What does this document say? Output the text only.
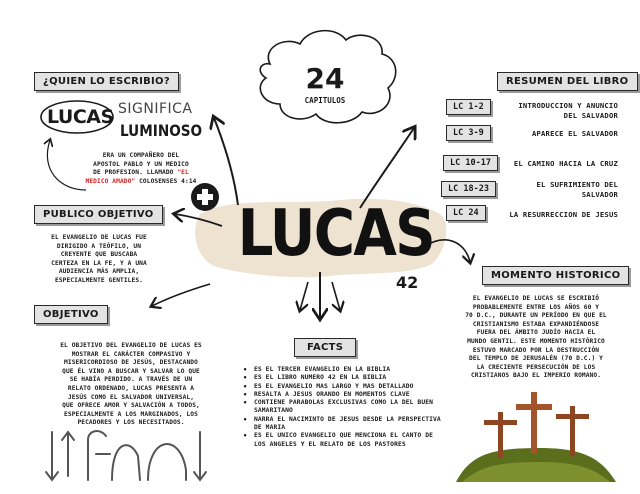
LUCAS
42
24
CAPITULOS
¿QUIEN LO ESCRIBIO?
LUCAS SIGNIFICA
LUMINOSO
ERA UN COMPAÑERO DEL
APOSTOL PABLO Y UN MEDICO
DE PROFESION. LLAMADO "EL
MEDICO AMADO" COLOSENSES 4:14
PUBLICO OBJETIVO
EL EVANGELIO DE LUCAS FUE
DIRIGIDO A TEÓFILO, UN
CREYENTE QUE BUSCABA
CERTEZA EN LA FE, Y A UNA
AUDIENCIA MÁS AMPLIA,
ESPECIALMENTE GENTILES.
OBJETIVO
EL OBJETIVO DEL EVANGELIO DE LUCAS ES
MOSTRAR EL CARÁCTER COMPASIVO Y
MISERICORDIOSO DE JESÚS, DESTACANDO
QUE ÉL VINO A BUSCAR Y SALVAR LO QUE
SE HABÍA PERDIDO. A TRAVÉS DE UN
RELATO ORDENADO, LUCAS PRESENTA A
JESÚS COMO EL SALVADOR UNIVERSAL,
QUE OFRECE AMOR Y SALVACIÓN A TODOS,
ESPECIALMENTE A LOS MARGINADOS, LOS
PECADORES Y LOS NECESITADOS.
RESUMEN DEL LIBRO
LC 1-2	INTRODUCCION Y ANUNCIO
DEL SALVADOR
LC 3-9	APARECE EL SALVADOR
LC 10-17	EL CAMINO HACIA LA CRUZ
LC 18-23	EL SUFRIMIENTO DEL
SALVADOR
LC 24	LA RESURRECCION DE JESUS
MOMENTO HISTORICO
EL EVANGELIO DE LUCAS SE ESCRIBIÓ
PROBABLEMENTE ENTRE LOS AÑOS 60 Y
70 D.C., DURANTE UN PERÍODO EN QUE EL
CRISTIANISMO ESTABA EXPANDIÉNDOSE
FUERA DEL ÁMBITO JUDÍO HACIA EL
MUNDO GENTIL. ESTE MOMENTO HISTÓRICO
ESTUVO MARCADO POR LA DESTRUCCIÓN
DEL TEMPLO DE JERUSALÉN (70 D.C.) Y
LA CRECIENTE PERSECUCIÓN DE LOS
CRISTIANOS BAJO EL IMPERIO ROMANO.
FACTS
• ES EL TERCER EVANGELIO EN LA BIBLIA
• ES EL LIBRO NUMERO 42 EN LA BIBLIA
• ES EL EVANGELIO MAS LARGO Y MAS DETALLADO
• RESALTA A JESUS ORANDO EN MOMENTOS CLAVE
• CONTIENE PARABOLAS EXCLUSIVAS COMO LA DEL BUEN SAMARITANO
• NARRA EL NACIMINTO DE JESUS DESDE LA PERSPECTIVA DE MARIA
• ES EL UNICO EVANGELIO QUE MENCIONA EL CANTO DE LOS ANGELES Y EL RELATO DE LOS PASTORES
